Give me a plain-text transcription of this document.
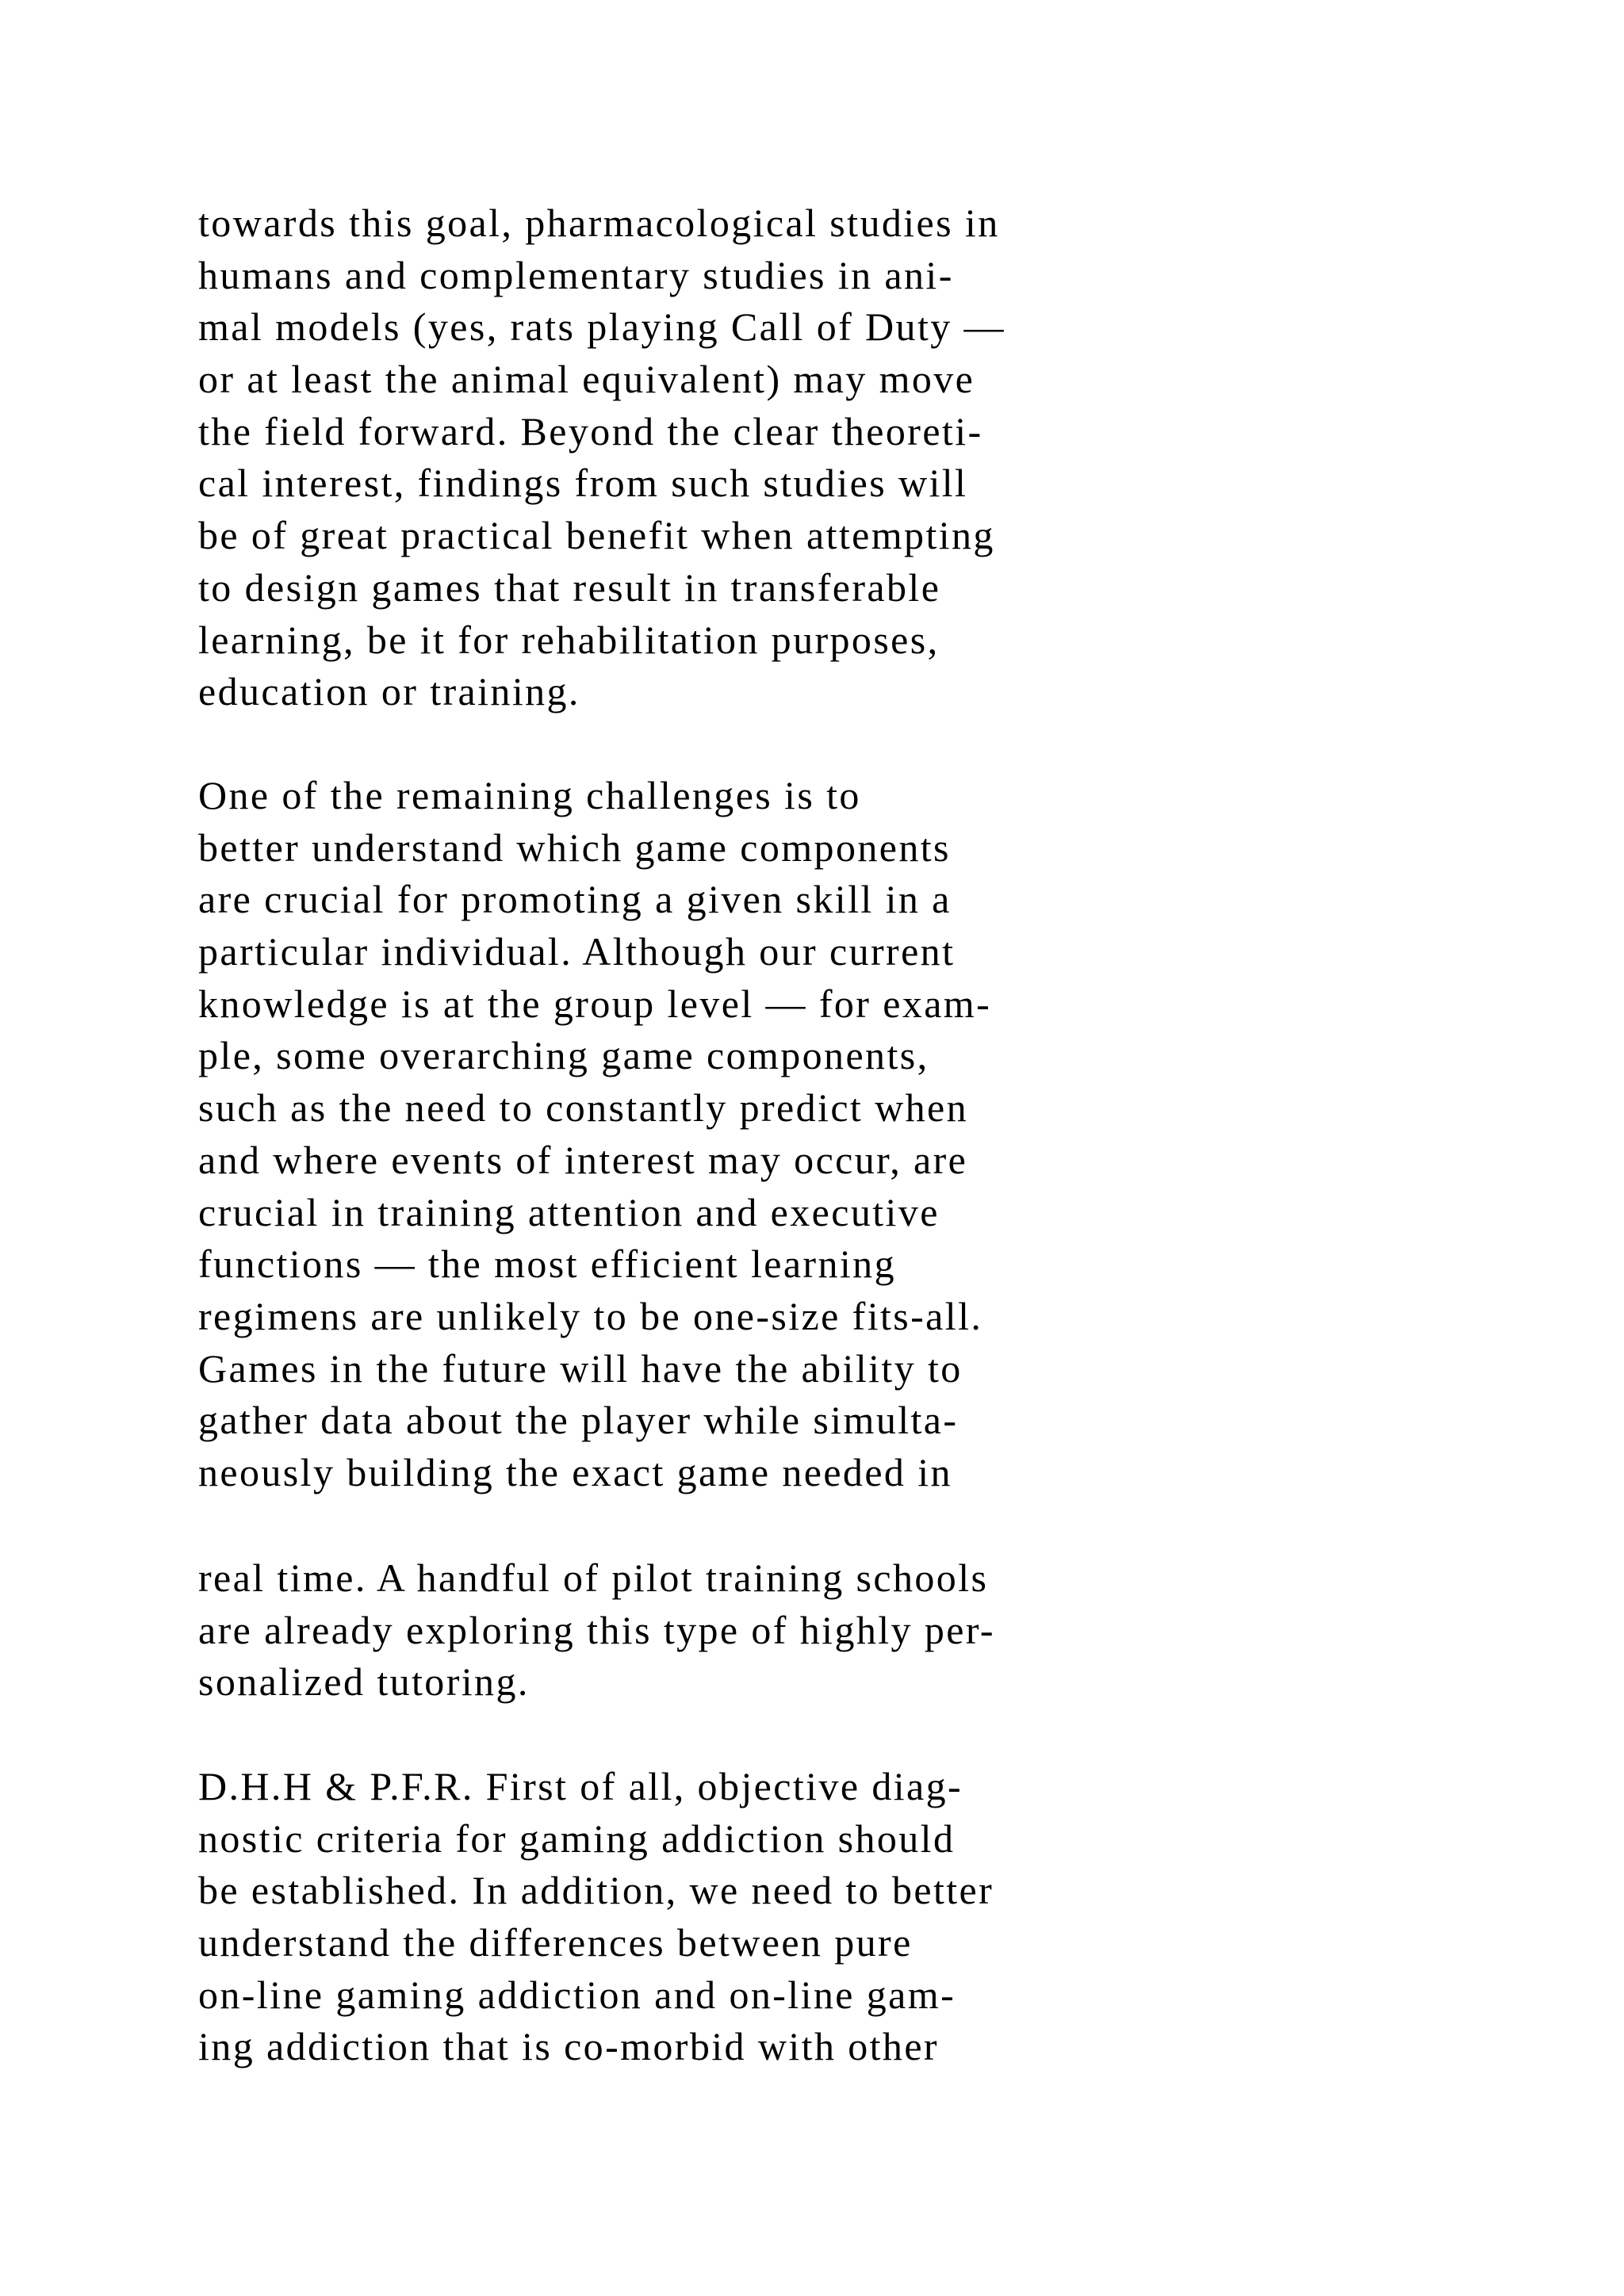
towards this goal, pharmacological studies in
humans and complementary studies in ani-
mal models (yes, rats playing Call of Duty —
or at least the animal equivalent) may move
the field forward. Beyond the clear theoreti-
cal interest, findings from such studies will
be of great practical benefit when attempting
to design games that result in transferable
learning, be it for rehabilitation purposes,
education or training.
One of the remaining challenges is to
better understand which game components
are crucial for promoting a given skill in a
particular individual. Although our current
knowledge is at the group level — for exam-
ple, some overarching game components,
such as the need to constantly predict when
and where events of interest may occur, are
crucial in training attention and executive
functions — the most efficient learning
regimens are unlikely to be one-size fits-all.
Games in the future will have the ability to
gather data about the player while simulta-
neously building the exact game needed in
real time. A handful of pilot training schools
are already exploring this type of highly per-
sonalized tutoring.
D.H.H & P.F.R. First of all, objective diag-
nostic criteria for gaming addiction should
be established. In addition, we need to better
understand the differences between pure
on-line gaming addiction and on-line gam-
ing addiction that is co-morbid with other
